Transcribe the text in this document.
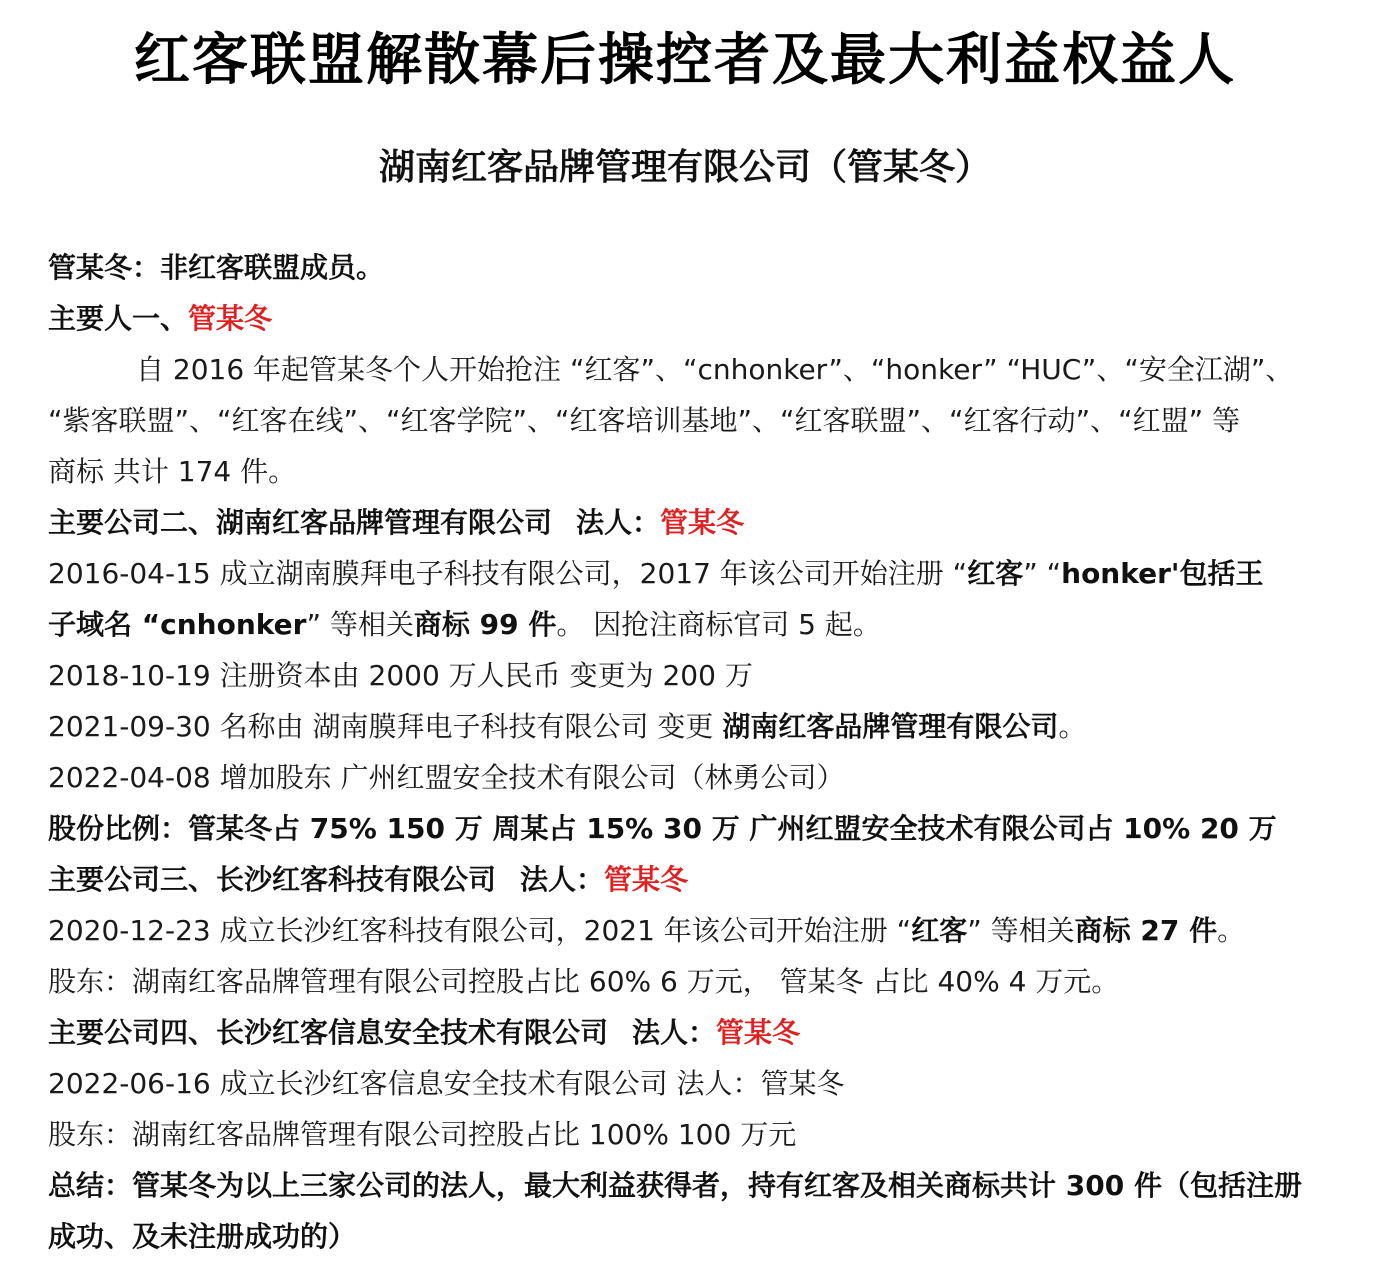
红客联盟解散幕后操控者及最大利益权益人
湖南红客品牌管理有限公司（管某冬）
管某冬：非红客联盟成员。
主要人一、管某冬
自 2016 年起管某冬个人开始抢注 “红客”、“cnhonker”、“honker” “HUC”、“安全江湖”、
“紫客联盟”、“红客在线”、“红客学院”、“红客培训基地”、“红客联盟”、“红客行动”、“红盟” 等
商标 共计 174 件。
主要公司二、湖南红客品牌管理有限公司 法人：管某冬
2016-04-15 成立湖南膜拜电子科技有限公司，2017 年该公司开始注册 “红客” “honker'包括王
子域名 “cnhonker” 等相关商标 99 件。 因抢注商标官司 5 起。
2018-10-19 注册资本由 2000 万人民币 变更为 200 万
2021-09-30 名称由 湖南膜拜电子科技有限公司 变更 湖南红客品牌管理有限公司。
2022-04-08 增加股东 广州红盟安全技术有限公司（林勇公司）
股份比例：管某冬占 75% 150 万 周某占 15% 30 万 广州红盟安全技术有限公司占 10% 20 万
主要公司三、长沙红客科技有限公司 法人：管某冬
2020-12-23 成立长沙红客科技有限公司，2021 年该公司开始注册 “红客” 等相关商标 27 件。
股东：湖南红客品牌管理有限公司控股占比 60% 6 万元， 管某冬 占比 40% 4 万元。
主要公司四、长沙红客信息安全技术有限公司 法人：管某冬
2022-06-16 成立长沙红客信息安全技术有限公司 法人：管某冬
股东：湖南红客品牌管理有限公司控股占比 100% 100 万元
总结：管某冬为以上三家公司的法人，最大利益获得者，持有红客及相关商标共计 300 件（包括注册成功、及未注册成功的）
